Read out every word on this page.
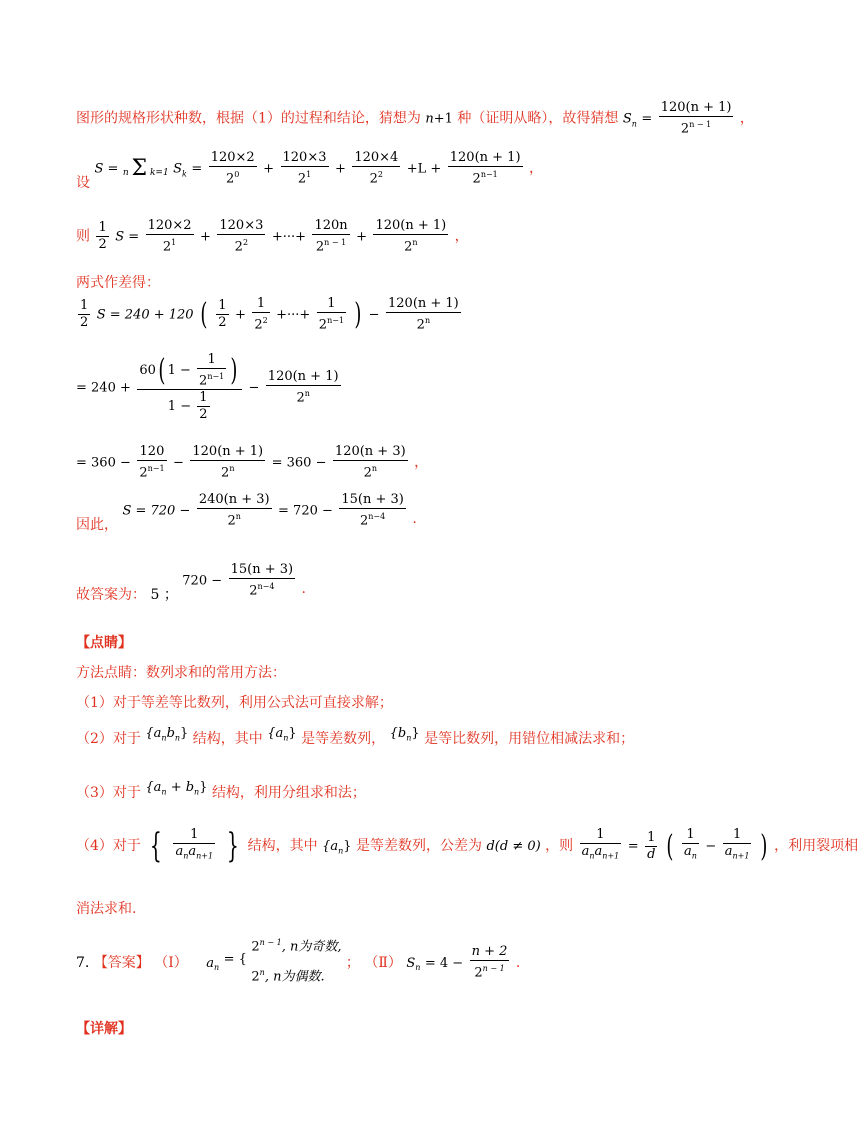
图形的规格形状种数，根据（1）的过程和结论，猜想为 n+1 种（证明从略），故得猜想 $S_n = \frac{120(n + 1)}{2^{n - 1}}$ ，
设 S = n Σ k=1 $S_k = \frac{120\times 2}{2^0} + \frac{120\times 3}{2^1} + \frac{120\times 4}{2^2} +L + \frac{120(n + 1)}{2^{n-1}}$ ，
则 $\frac{1}{2}$ $S = \frac{120\times 2}{2^1} + \frac{120\times 3}{2^2}$ +···+ $\frac{120n}{2^{n - 1}} + \frac{120(n + 1)}{2^n}$ ，
两式作差得：
$\frac{1}{2}$ S = 240 + 120 ( $\frac{1}{2} + \frac{1}{2^2}$ +···+ $\frac{1}{2^{n-1}}$ ) − $\frac{120(n + 1)}{2^n}$
= $240 + \frac{60( 1 - \frac{1}{2^{n-1}} )}{1 - \frac{1}{2}} - \frac{120(n + 1)}{2^n}$
= $360 - \frac{120}{2^{n-1}} - \frac{120(n + 1)}{2^n} = 360 - \frac{120(n + 3)}{2^n}$ ，
因此， $S = 720 - \frac{240(n + 3)}{2^n} = 720 - \frac{15(n + 3)}{2^{n-4}}$ .
故答案为： 5 ； $720 - \frac{15(n + 3)}{2^{n-4}}$ .
【点睛】
方法点睛：数列求和的常用方法：
（1）对于等差等比数列，利用公式法可直接求解；
（2）对于 $\{a_nb_n\}$ 结构，其中 $\{a_n\}$ 是等差数列， $\{b_n\}$ 是等比数列，用错位相减法求和；
（3）对于 $\{a_n + b_n\}$ 结构，利用分组求和法；
（4）对于 { $\frac{1}{a_na_{n+1}}$ } 结构，其中 $\{a_n\}$ 是等差数列，公差为 d(d ≠ 0) ，则 $\frac{1}{a_na_{n+1}} = \frac{1}{d}$ ( $\frac{1}{a_n} - \frac{1}{a_{n+1}}$ ) ，利用裂项相
消法求和.
7. 【答案】 （Ⅰ） $a_n$ = {
$2^{n - 1}$, n为奇数,
2$^n$, n为偶数.
； （Ⅱ） $S_n = 4 - \frac{n + 2}{2^{n - 1}}$ .
【详解】
